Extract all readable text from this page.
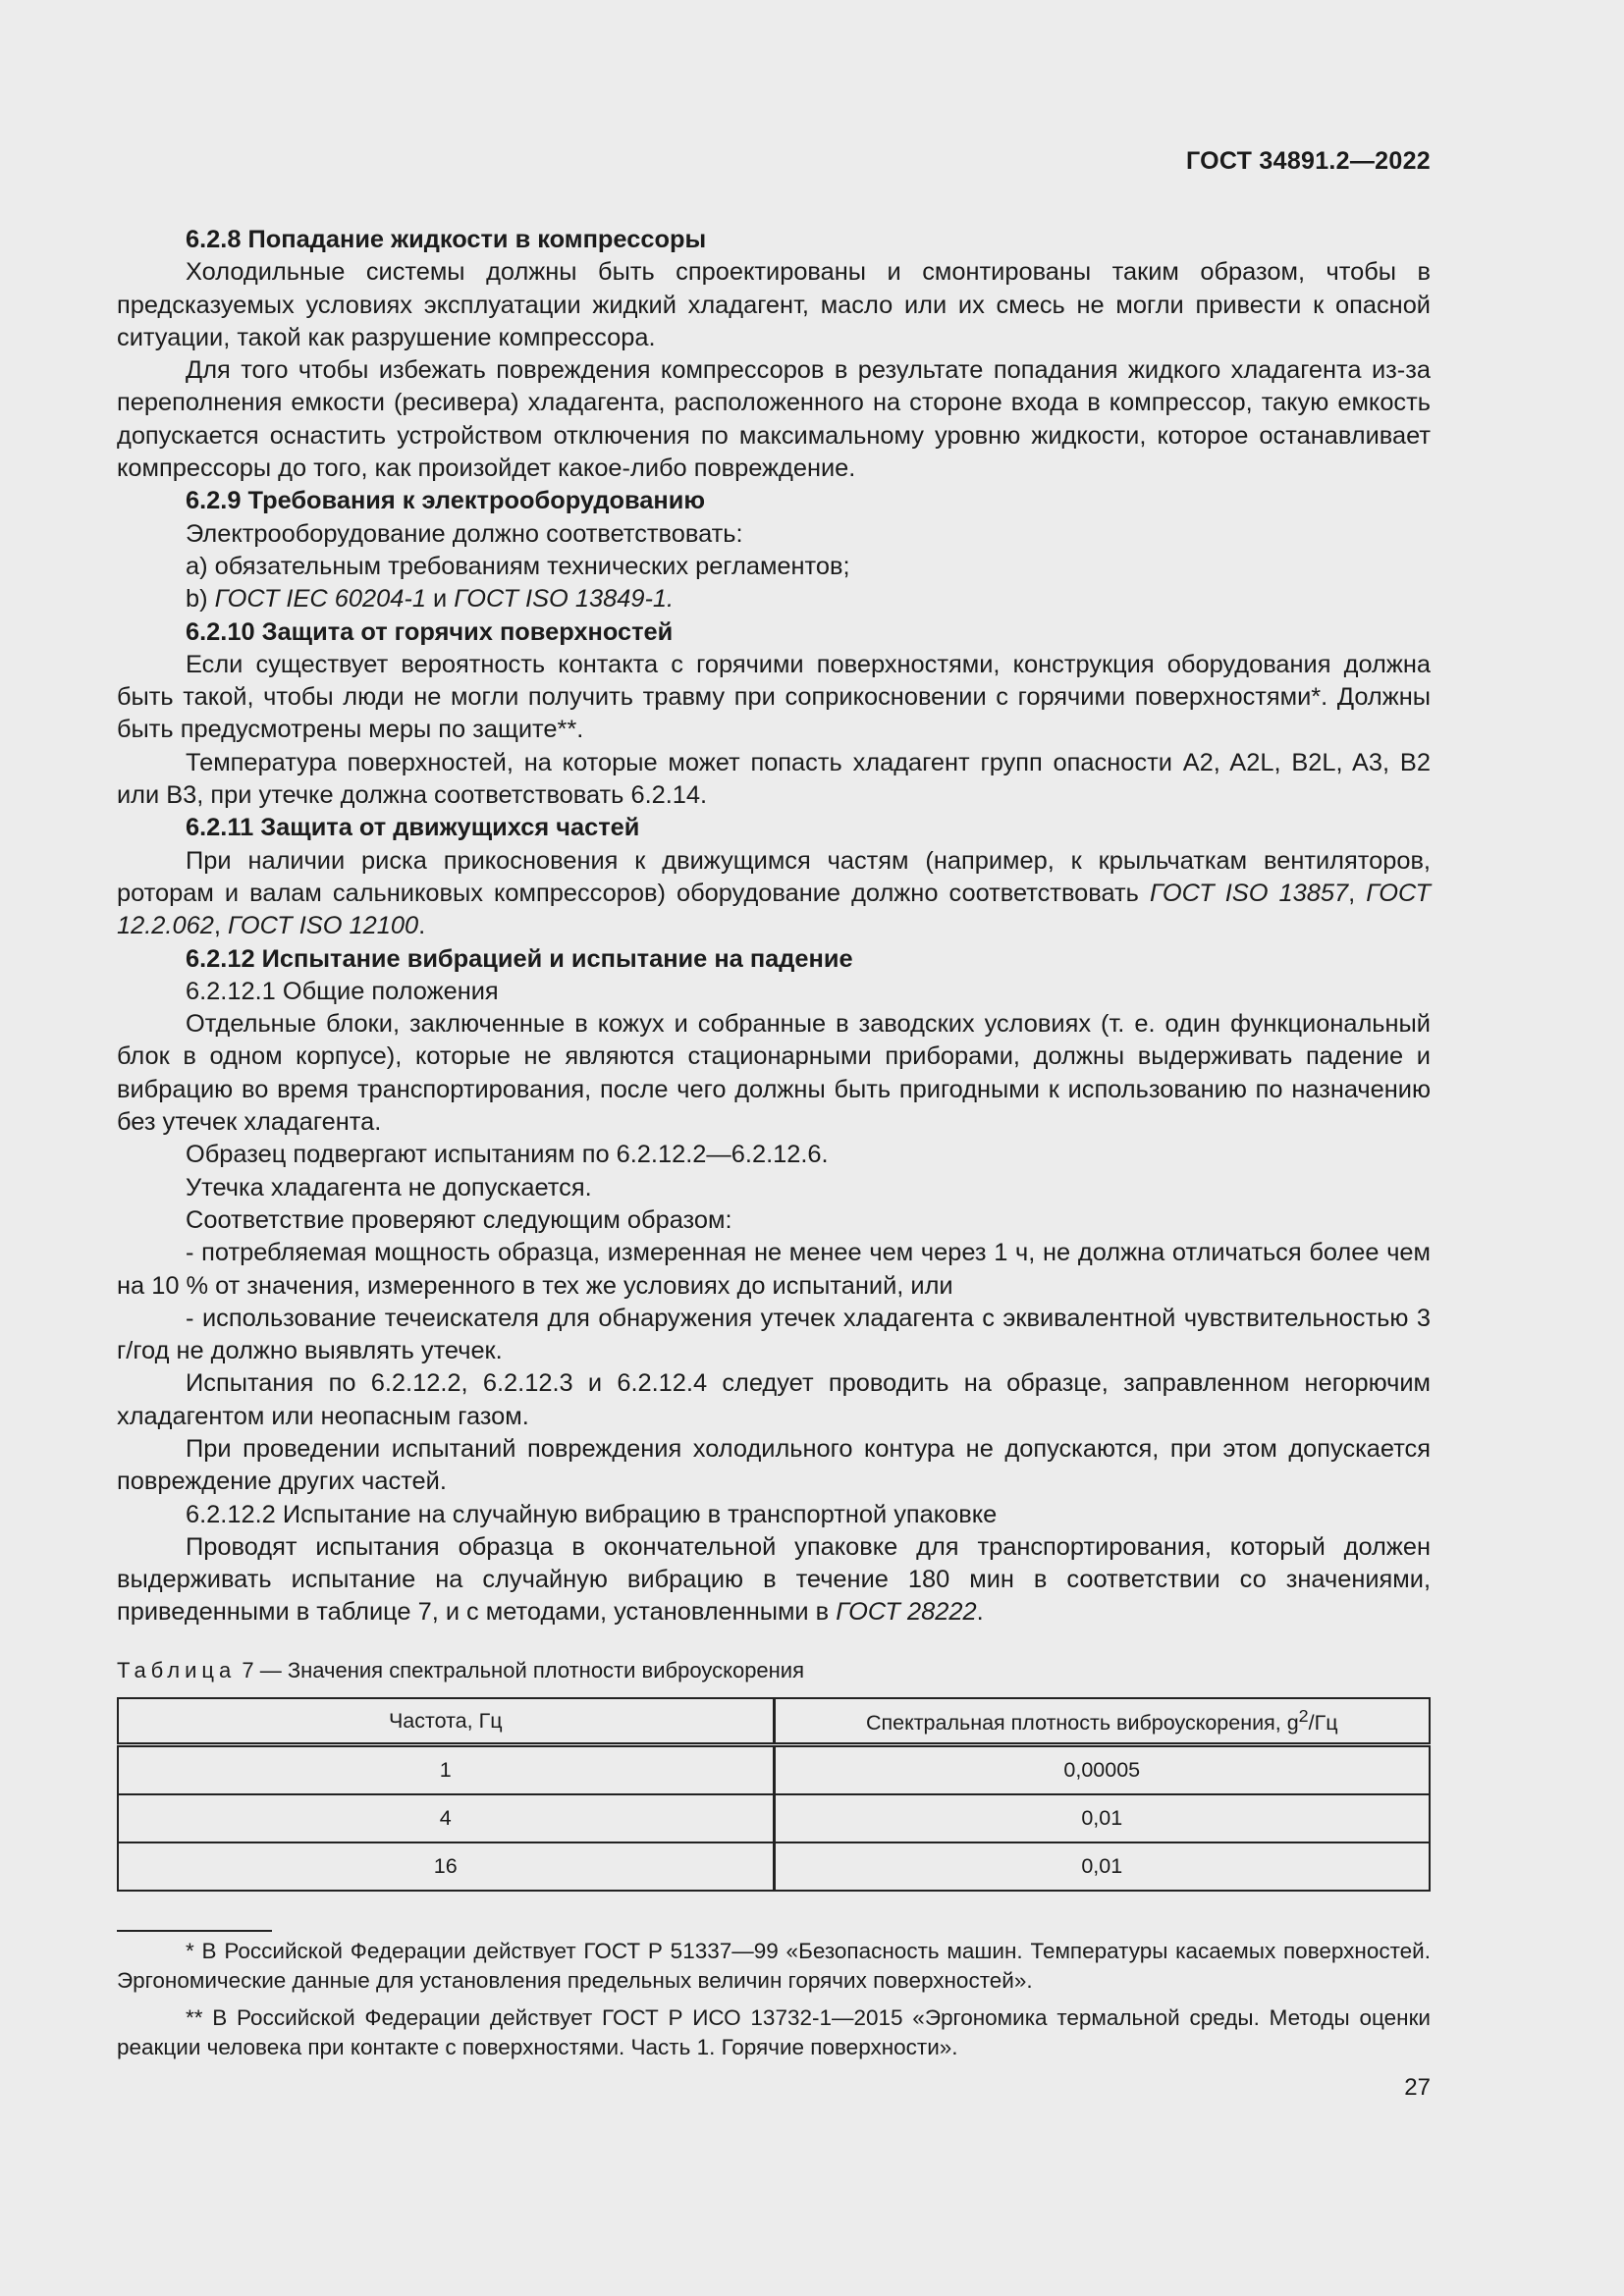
ГОСТ 34891.2—2022

6.2.8 Попадание жидкости в компрессоры

Холодильные системы должны быть спроектированы и смонтированы таким образом, чтобы в предсказуемых условиях эксплуатации жидкий хладагент, масло или их смесь не могли привести к опасной ситуации, такой как разрушение компрессора.

Для того чтобы избежать повреждения компрессоров в результате попадания жидкого хладагента из-за переполнения емкости (ресивера) хладагента, расположенного на стороне входа в компрессор, такую емкость допускается оснастить устройством отключения по максимальному уровню жидкости, которое останавливает компрессоры до того, как произойдет какое-либо повреждение.

6.2.9 Требования к электрооборудованию

Электрооборудование должно соответствовать:

a) обязательным требованиям технических регламентов;

b) ГОСТ IEC 60204-1 и ГОСТ ISO 13849-1.

6.2.10 Защита от горячих поверхностей

Если существует вероятность контакта с горячими поверхностями, конструкция оборудования должна быть такой, чтобы люди не могли получить травму при соприкосновении с горячими поверхностями*. Должны быть предусмотрены меры по защите**.

Температура поверхностей, на которые может попасть хладагент групп опасности A2, A2L, B2L, A3, B2 или B3, при утечке должна соответствовать 6.2.14.

6.2.11 Защита от движущихся частей

При наличии риска прикосновения к движущимся частям (например, к крыльчаткам вентиляторов, роторам и валам сальниковых компрессоров) оборудование должно соответствовать ГОСТ ISO 13857, ГОСТ 12.2.062, ГОСТ ISO 12100.

6.2.12 Испытание вибрацией и испытание на падение

6.2.12.1 Общие положения

Отдельные блоки, заключенные в кожух и собранные в заводских условиях (т. е. один функциональный блок в одном корпусе), которые не являются стационарными приборами, должны выдерживать падение и вибрацию во время транспортирования, после чего должны быть пригодными к использованию по назначению без утечек хладагента.

Образец подвергают испытаниям по 6.2.12.2—6.2.12.6.

Утечка хладагента не допускается.

Соответствие проверяют следующим образом:

- потребляемая мощность образца, измеренная не менее чем через 1 ч, не должна отличаться более чем на 10 % от значения, измеренного в тех же условиях до испытаний, или

- использование течеискателя для обнаружения утечек хладагента с эквивалентной чувствительностью 3 г/год не должно выявлять утечек.

Испытания по 6.2.12.2, 6.2.12.3 и 6.2.12.4 следует проводить на образце, заправленном негорючим хладагентом или неопасным газом.

При проведении испытаний повреждения холодильного контура не допускаются, при этом допускается повреждение других частей.

6.2.12.2 Испытание на случайную вибрацию в транспортной упаковке

Проводят испытания образца в окончательной упаковке для транспортирования, который должен выдерживать испытание на случайную вибрацию в течение 180 мин в соответствии со значениями, приведенными в таблице 7, и с методами, установленными в ГОСТ 28222.

Таблица 7 — Значения спектральной плотности виброускорения
Частота, Гц	Спектральная плотность виброускорения, $g^2/Гц$
1	0,00005
4	0,01
16	0,01

* В Российской Федерации действует ГОСТ Р 51337—99 «Безопасность машин. Температуры касаемых поверхностей. Эргономические данные для установления предельных величин горячих поверхностей».

** В Российской Федерации действует ГОСТ Р ИСО 13732-1—2015 «Эргономика термальной среды. Методы оценки реакции человека при контакте с поверхностями. Часть 1. Горячие поверхности».

27
